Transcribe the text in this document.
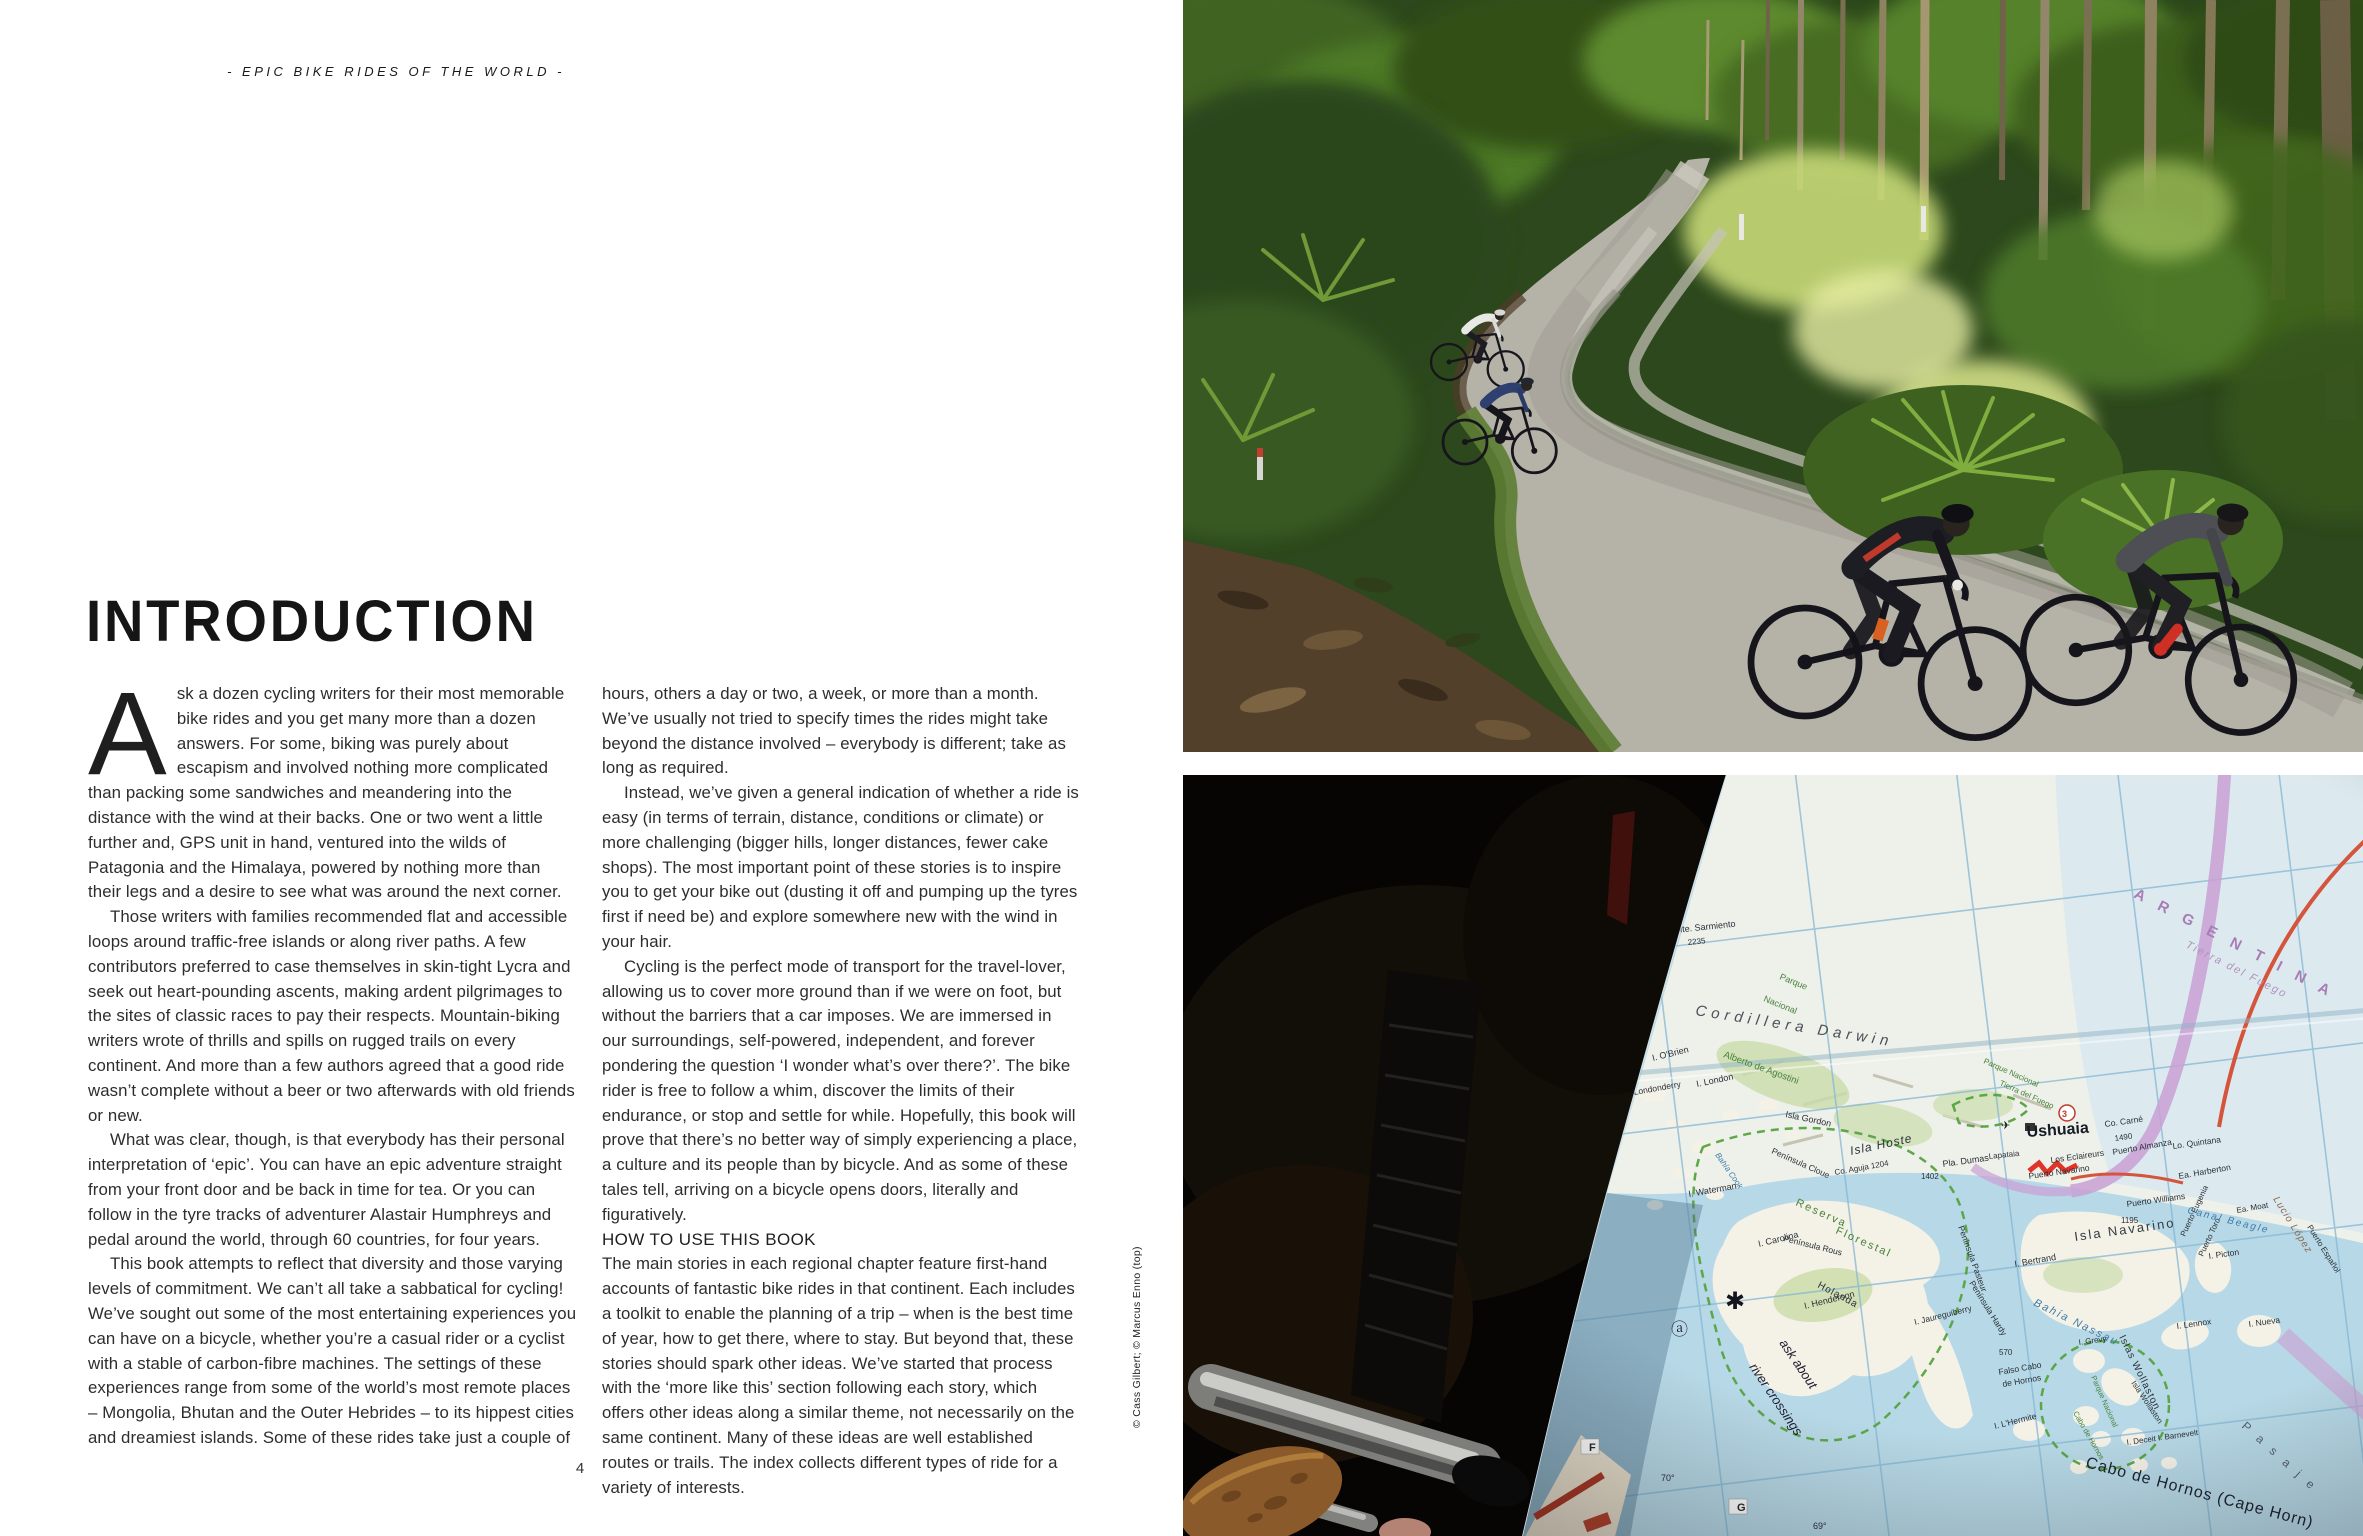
- EPIC BIKE RIDES OF THE WORLD -
INTRODUCTION

Ask a dozen cycling writers for their most memorable bike rides and you get many more than a dozen answers. For some, biking was purely about escapism and involved nothing more complicated than packing some sandwiches and meandering into the distance with the wind at their backs. One or two went a little further and, GPS unit in hand, ventured into the wilds of Patagonia and the Himalaya, powered by nothing more than their legs and a desire to see what was around the next corner.

Those writers with families recommended flat and accessible loops around traffic-free islands or along river paths. A few contributors preferred to case themselves in skin-tight Lycra and seek out heart-pounding ascents, making ardent pilgrimages to the sites of classic races to pay their respects. Mountain-biking writers wrote of thrills and spills on rugged trails on every continent. And more than a few authors agreed that a good ride wasn’t complete without a beer or two afterwards with old friends or new.

What was clear, though, is that everybody has their personal interpretation of ‘epic’. You can have an epic adventure straight from your front door and be back in time for tea. Or you can follow in the tyre tracks of adventurer Alastair Humphreys and pedal around the world, through 60 countries, for four years.

This book attempts to reflect that diversity and those varying levels of commitment. We can’t all take a sabbatical for cycling! We’ve sought out some of the most entertaining experiences you can have on a bicycle, whether you’re a casual rider or a cyclist with a stable of carbon-fibre machines. The settings of these experiences range from some of the world’s most remote places – Mongolia, Bhutan and the Outer Hebrides – to its hippest cities and dreamiest islands. Some of these rides take just a couple of

hours, others a day or two, a week, or more than a month. We’ve usually not tried to specify times the rides might take beyond the distance involved – everybody is different; take as long as required.

Instead, we’ve given a general indication of whether a ride is easy (in terms of terrain, distance, conditions or climate) or more challenging (bigger hills, longer distances, fewer cake shops). The most important point of these stories is to inspire you to get your bike out (dusting it off and pumping up the tyres first if need be) and explore somewhere new with the wind in your hair.

Cycling is the perfect mode of transport for the travel-lover, allowing us to cover more ground than if we were on foot, but without the barriers that a car imposes. We are immersed in our surroundings, self-powered, independent, and forever pondering the question ‘I wonder what’s over there?’. The bike rider is free to follow a whim, discover the limits of their endurance, or stop and settle for while. Hopefully, this book will prove that there’s no better way of simply experiencing a place, a culture and its people than by bicycle. And as some of these tales tell, arriving on a bicycle opens doors, literally and figuratively.

HOW TO USE THIS BOOK

The main stories in each regional chapter feature first-hand accounts of fantastic bike rides in that continent. Each includes a toolkit to enable the planning of a trip – when is the best time of year, how to get there, where to stay. But beyond that, these stories should spark other ideas. We’ve started that process with the ‘more like this’ section following each story, which offers other ideas along a similar theme, not necessarily on the same continent. Many of these ideas are well established routes or trails. The index collects different types of ride for a variety of interests.

4
© Cass Gilbert; © Marcus Enno (top)
